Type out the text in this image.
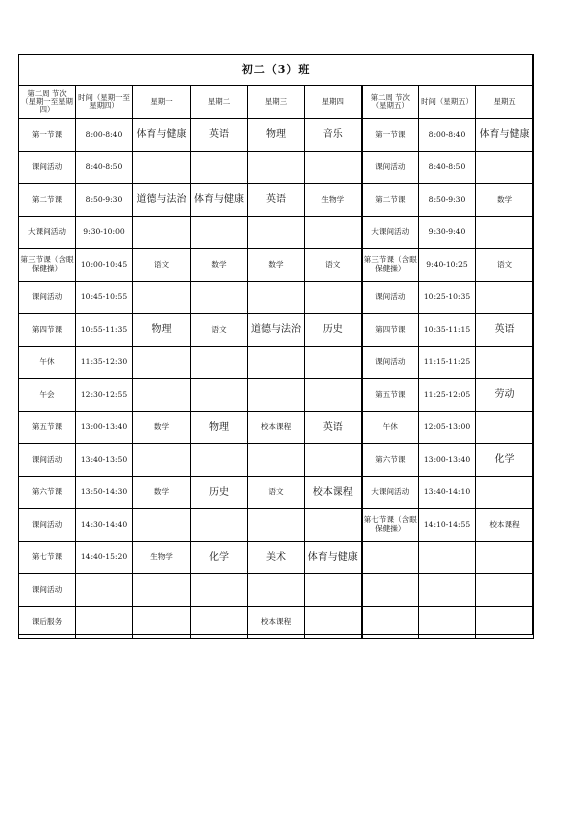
初二（3）班								
第二周 节次（星期一至星期四）	时间（星期一至星期四）	星期一	星期二	星期三	星期四	第二周 节次（星期五）	时间（星期五）	星期五
第一节课	8:00-8:40	体育与健康	英语	物理	音乐	第一节课	8:00-8:40	体育与健康
课间活动	8:40-8:50					课间活动	8:40-8:50	
第二节课	8:50-9:30	道德与法治	体育与健康	英语	生物学	第二节课	8:50-9:30	数学
大课间活动	9:30-10:00					大课间活动	9:30-9:40	
第三节课（含眼保健操）	10:00-10:45	语文	数学	数学	语文	第三节课（含眼保健操）	9:40-10:25	语文
课间活动	10:45-10:55					课间活动	10:25-10:35	
第四节课	10:55-11:35	物理	语文	道德与法治	历史	第四节课	10:35-11:15	英语
午休	11:35-12:30					课间活动	11:15-11:25	
午会	12:30-12:55					第五节课	11:25-12:05	劳动
第五节课	13:00-13:40	数学	物理	校本课程	英语	午休	12:05-13:00	
课间活动	13:40-13:50					第六节课	13:00-13:40	化学
第六节课	13:50-14:30	数学	历史	语文	校本课程	大课间活动	13:40-14:10	
课间活动	14:30-14:40					第七节课（含眼保健操）	14:10-14:55	校本课程
第七节课	14:40-15:20	生物学	化学	美术	体育与健康			
课间活动								
课后服务				校本课程				
